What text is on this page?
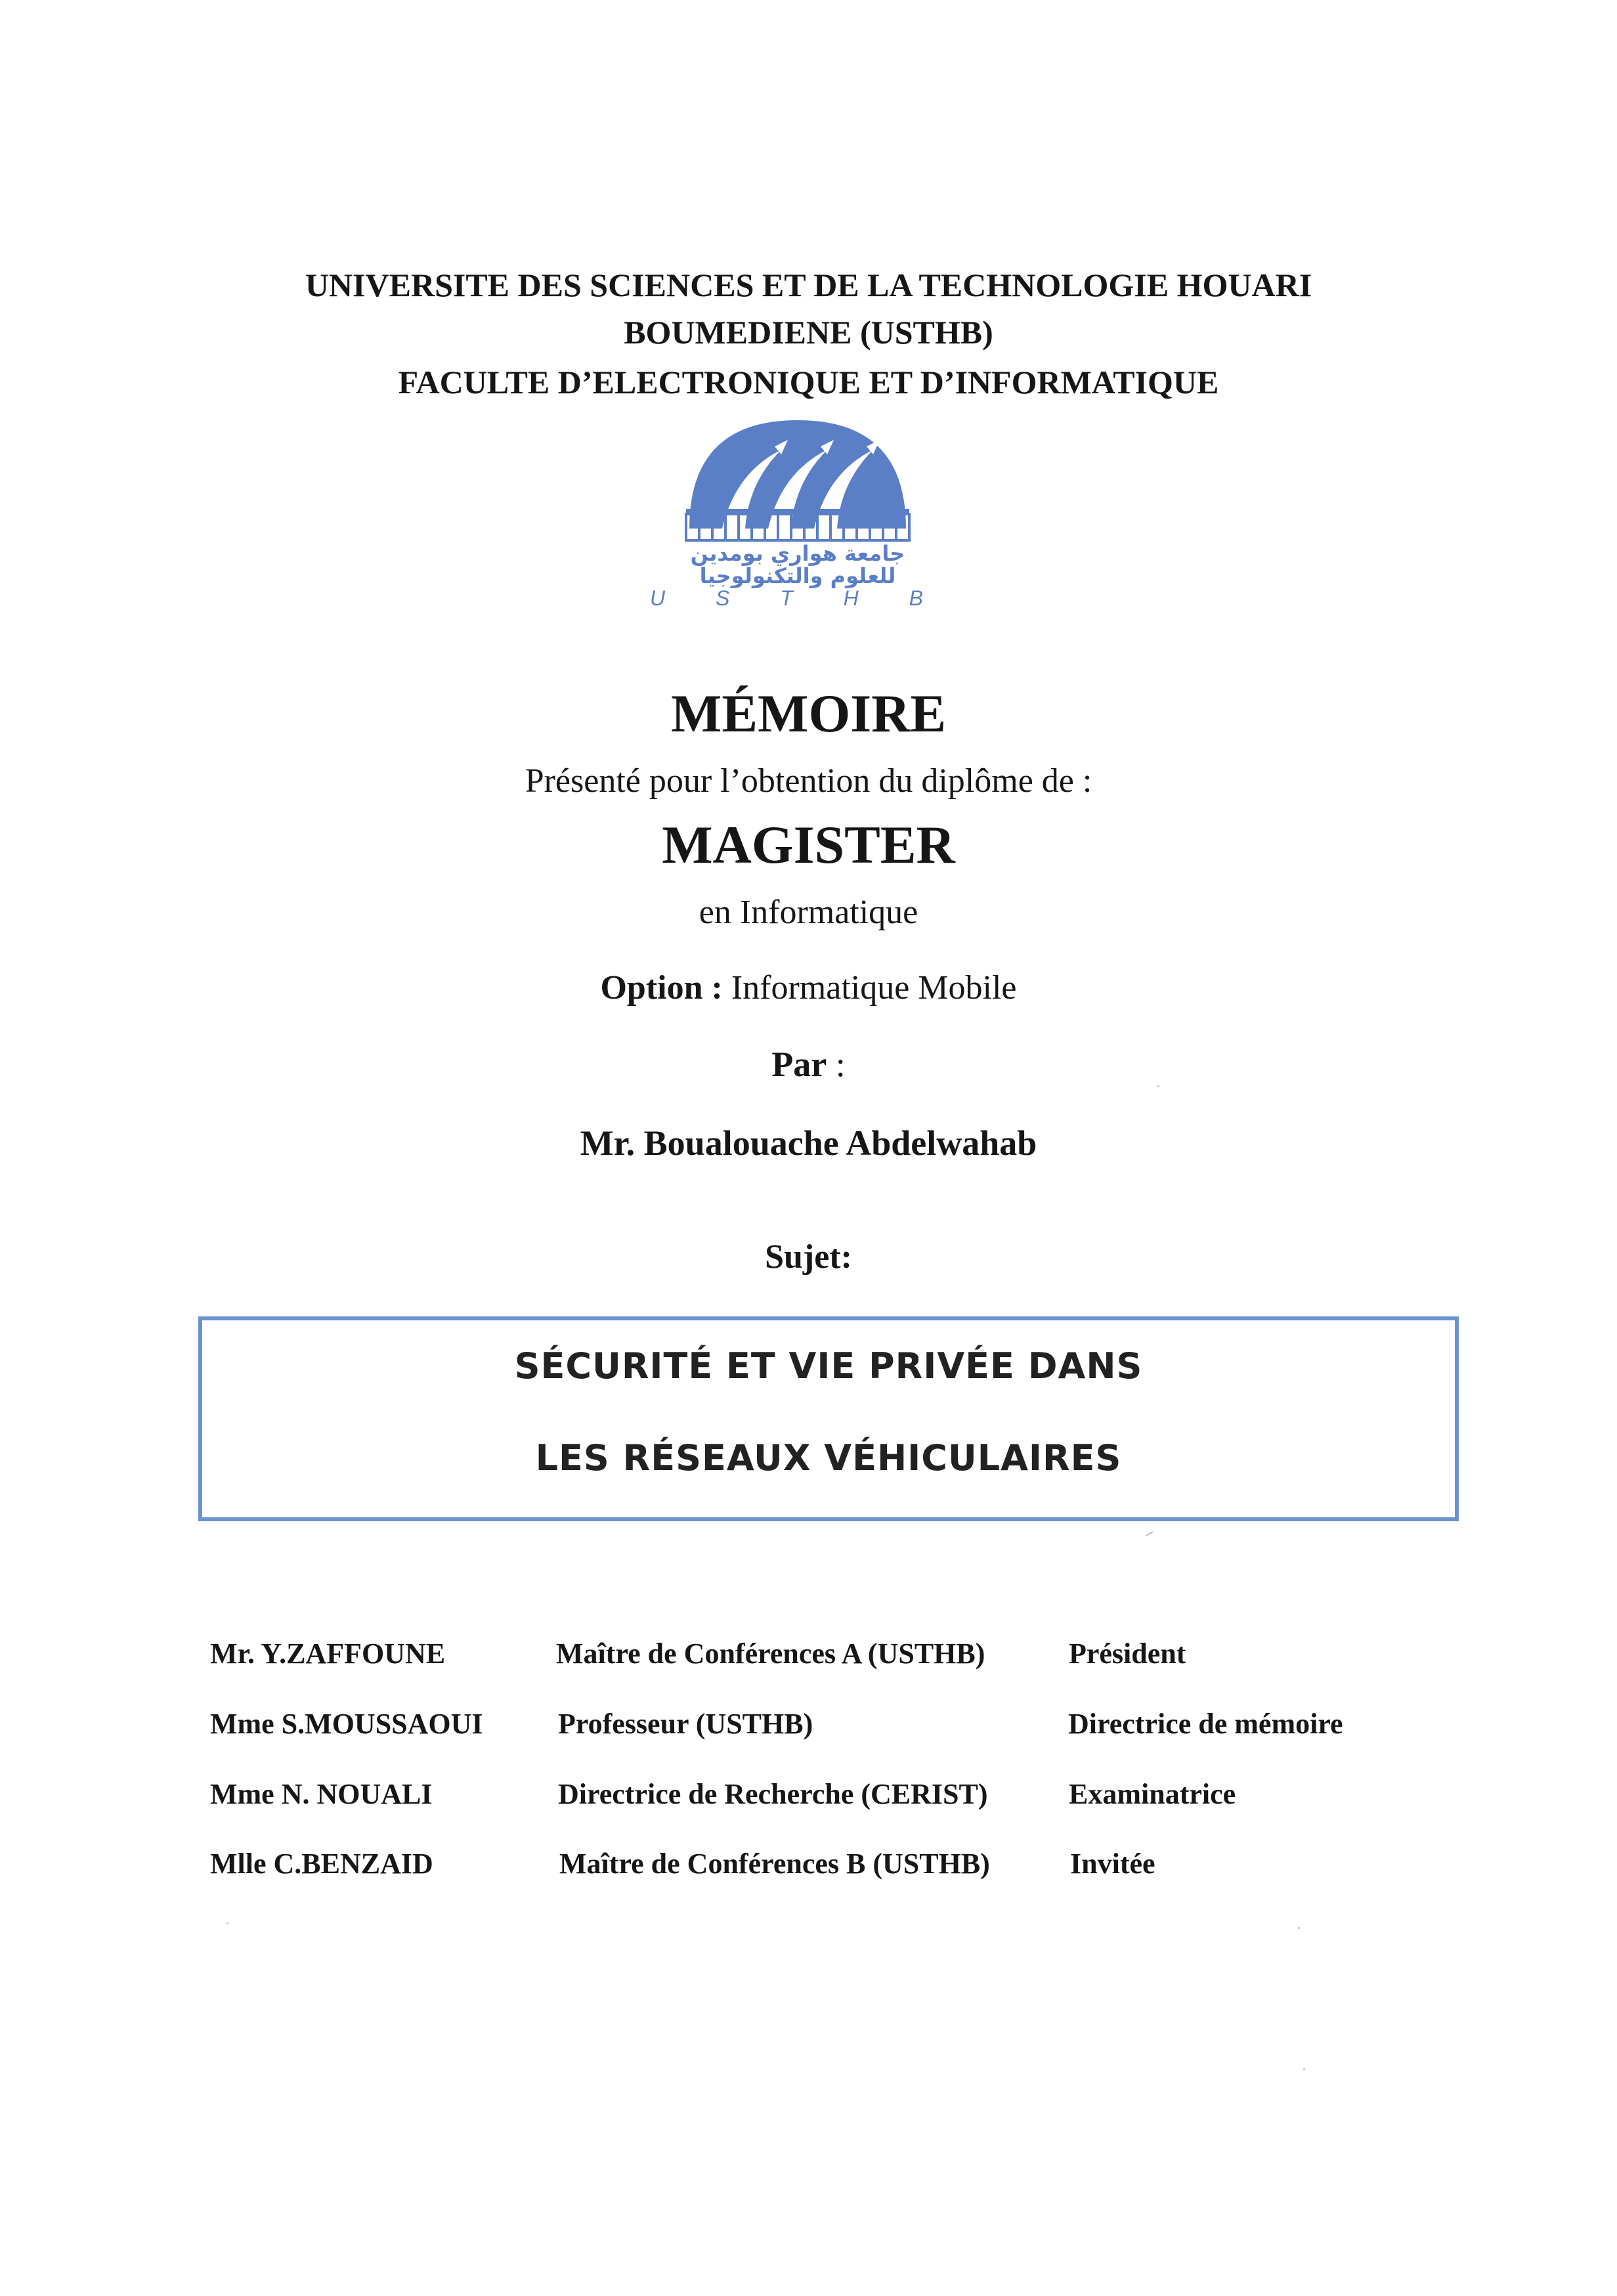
UNIVERSITE DES SCIENCES ET DE LA TECHNOLOGIE HOUARI
BOUMEDIENE (USTHB)
FACULTE D’ELECTRONIQUE ET D’INFORMATIQUE
جامعة هواري بومدين
للعلوم والتكنولوجيا
U S T H B
MÉMOIRE
Présenté pour l’obtention du diplôme de :
MAGISTER
en Informatique
Option : Informatique Mobile
Par :
Mr. Boualouache Abdelwahab
Sujet:
SÉCURITÉ ET VIE PRIVÉE DANS
LES RÉSEAUX VÉHICULAIRES
Mr. Y.ZAFFOUNE	Maître de Conférences A (USTHB)	Président
Mme S.MOUSSAOUI	Professeur (USTHB)	Directrice de mémoire
Mme N. NOUALI	Directrice de Recherche (CERIST)	Examinatrice
Mlle C.BENZAID	Maître de Conférences B (USTHB)	Invitée
